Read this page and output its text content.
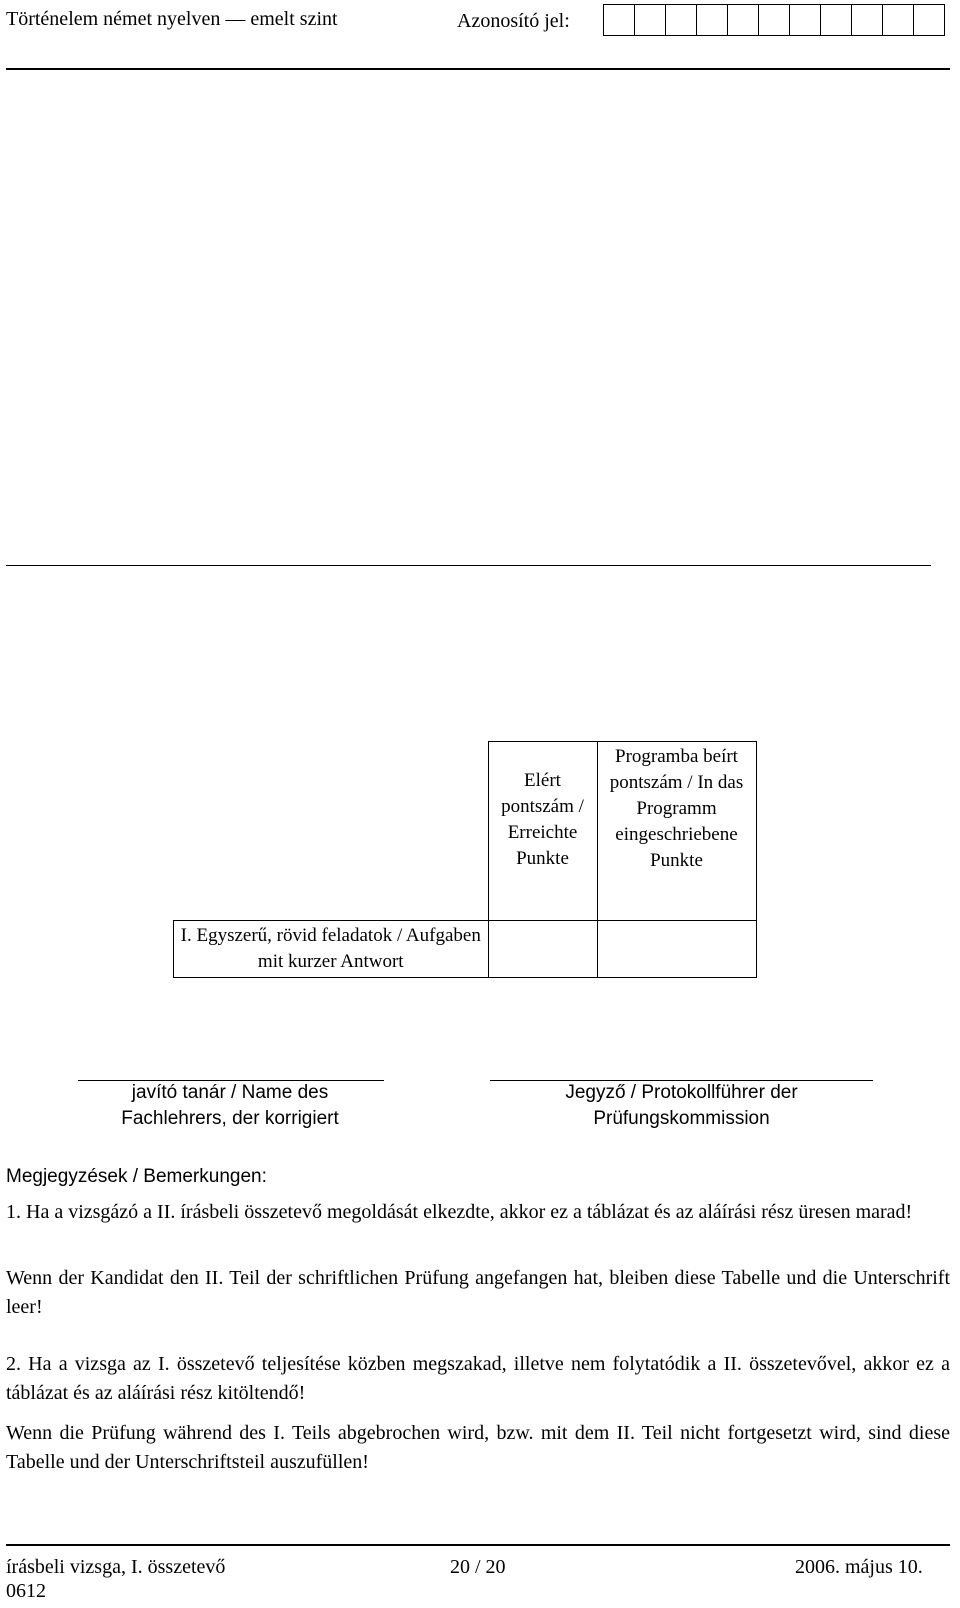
Történelem német nyelven — emelt szint	Azonosító jel:
	Elért pontszám / Erreichte Punkte	Programba beírt pontszám / In das Programm eingeschriebene Punkte
I. Egyszerű, rövid feladatok / Aufgaben mit kurzer Antwort		
javító tanár / Name des
Fachlehrers, der korrigiert
Jegyző / Protokollführer der
Prüfungskommission
Megjegyzések / Bemerkungen:
1. Ha a vizsgázó a II. írásbeli összetevő megoldását elkezdte, akkor ez a táblázat és az aláírási rész üresen marad!
Wenn der Kandidat den II. Teil der schriftlichen Prüfung angefangen hat, bleiben diese Tabelle und die Unterschrift leer!
2. Ha a vizsga az I. összetevő teljesítése közben megszakad, illetve nem folytatódik a II. összetevővel, akkor ez a táblázat és az aláírási rész kitöltendő!
Wenn die Prüfung während des I. Teils abgebrochen wird, bzw. mit dem II. Teil nicht fortgesetzt wird, sind diese Tabelle und der Unterschriftsteil auszufüllen!
írásbeli vizsga, I. összetevő
0612
20 / 20	2006. május 10.
